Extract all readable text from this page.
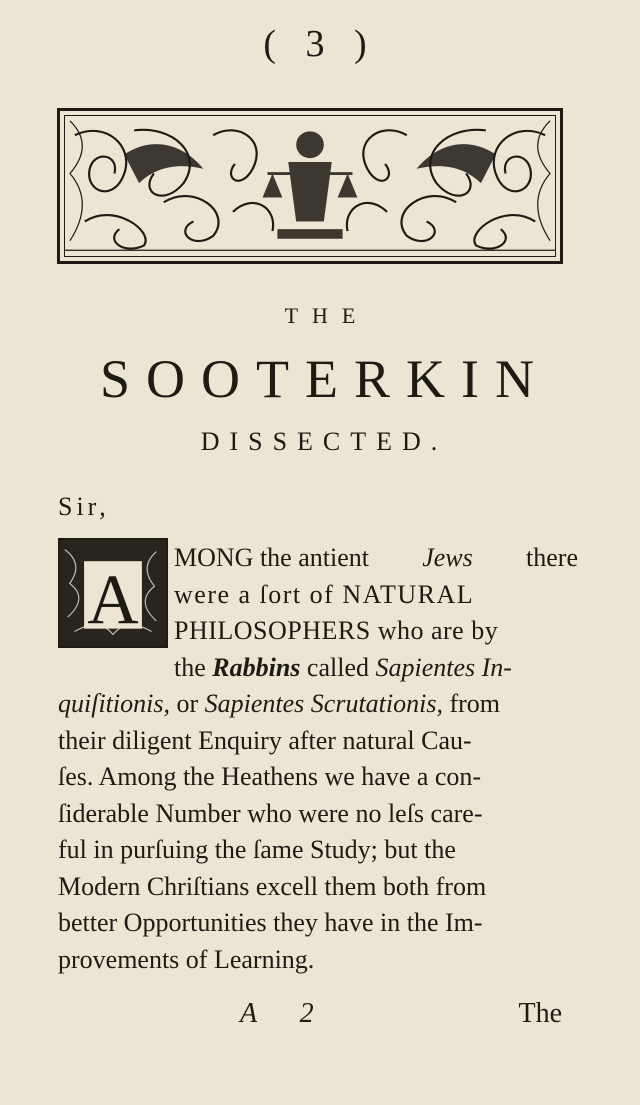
( 3 )
THE
SOOTERKIN
DISSECTED.
Sir,
A
MONG the antient Jews there
were a ſort of NATURAL
PHILOSOPHERS who are by
the Rabbins called Sapientes In-
quiſitionis, or Sapientes Scrutationis, from
their diligent Enquiry after natural Cau-
ſes. Among the Heathens we have a con-
ſiderable Number who were no leſs care-
ful in purſuing the ſame Study; but the
Modern Chriſtians excell them both from
better Opportunities they have in the Im-
provements of Learning.
A 2	The
